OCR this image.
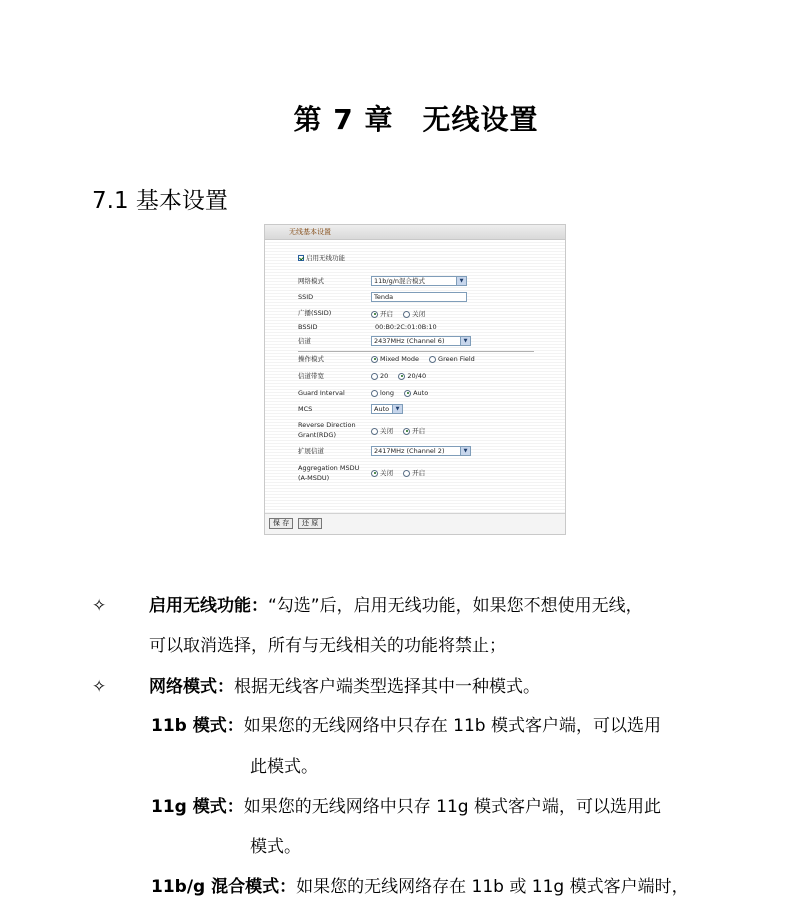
第 7 章　无线设置
7.1 基本设置
无线基本设置
启用无线功能
网络模式	11b/g/n混合模式	▼
SSID	Tenda
广播(SSID)	开启	关闭
BSSID	00:B0:2C:01:0B:10
信道	2437MHz (Channel 6)	▼
操作模式	Mixed Mode	Green Field
信道带宽	20	20/40
Guard Interval	long	Auto
MCS	Auto	▼
Reverse Direction
Grant(RDG)	关闭	开启
扩展信道	2417MHz (Channel 2)	▼
Aggregation MSDU
(A-MSDU)
关闭	开启
保 存	还 原
✧	启用无线功能：“勾选”后，启用无线功能，如果您不想使用无线，
可以取消选择，所有与无线相关的功能将禁止；
✧	网络模式：根据无线客户端类型选择其中一种模式。
11b 模式：如果您的无线网络中只存在 11b 模式客户端，可以选用
此模式。
11g 模式：如果您的无线网络中只存 11g 模式客户端，可以选用此
模式。
11b/g 混合模式：如果您的无线网络存在 11b 或 11g 模式客户端时，
